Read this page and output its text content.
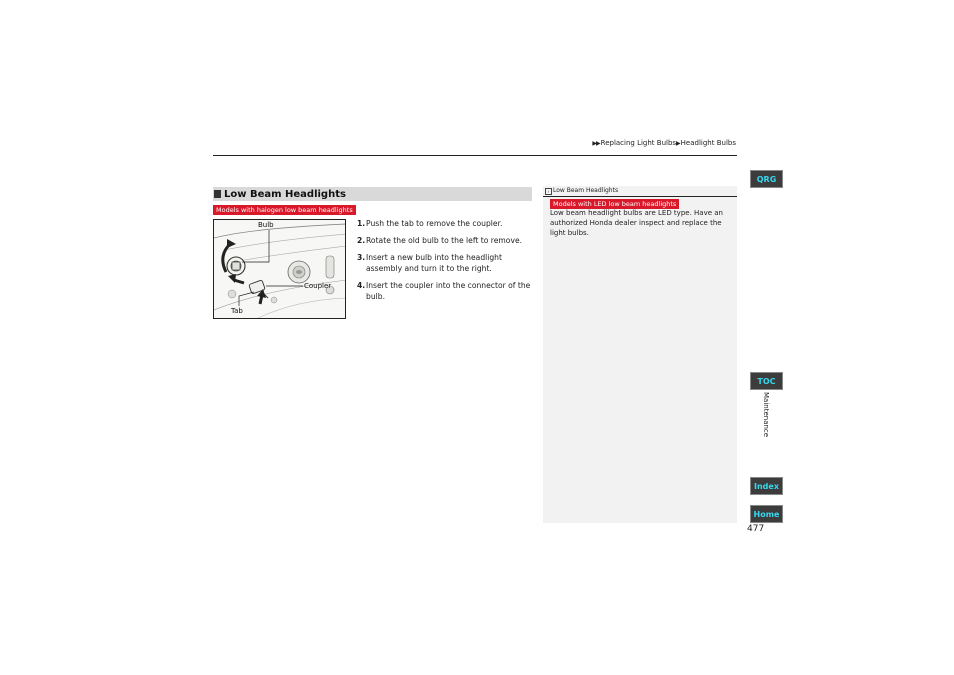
▶▶Replacing Light Bulbs▶Headlight Bulbs
Low Beam Headlights
Models with halogen low beam headlights
Bulb
Coupler
Tab
1. Push the tab to remove the coupler.
2. Rotate the old bulb to the left to remove.
3. Insert a new bulb into the headlight assembly and turn it to the right.
4. Insert the coupler into the connector of the bulb.
› Low Beam Headlights
Models with LED low beam headlights
Low beam headlight bulbs are LED type. Have an authorized Honda dealer inspect and replace the light bulbs.
QRG
TOC
Maintenance
Index
Home
477
